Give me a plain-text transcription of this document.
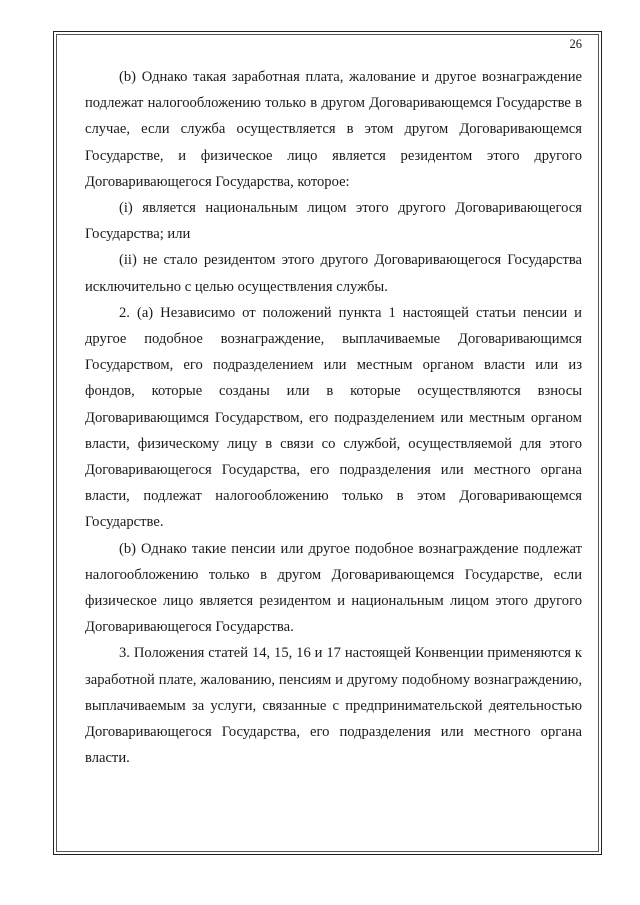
26

(b) Однако такая заработная плата, жалование и другое вознаграждение подлежат налогообложению только в другом Договаривающемся Государстве в случае, если служба осуществляется в этом другом Договаривающемся Государстве, и физическое лицо является резидентом этого другого Договаривающегося Государства, которое:

(i) является национальным лицом этого другого Договаривающегося Государства; или

(ii) не стало резидентом этого другого Договаривающегося Государства исключительно с целью осуществления службы.

2. (a) Независимо от положений пункта 1 настоящей статьи пенсии и другое подобное вознаграждение, выплачиваемые Договаривающимся Государством, его подразделением или местным органом власти или из фондов, которые созданы или в которые осуществляются взносы Договаривающимся Государством, его подразделением или местным органом власти, физическому лицу в связи со службой, осуществляемой для этого Договаривающегося Государства, его подразделения или местного органа власти, подлежат налогообложению только в этом Договаривающемся Государстве.

(b) Однако такие пенсии или другое подобное вознаграждение подлежат налогообложению только в другом Договаривающемся Государстве, если физическое лицо является резидентом и национальным лицом этого другого Договаривающегося Государства.

3. Положения статей 14, 15, 16 и 17 настоящей Конвенции применяются к заработной плате, жалованию, пенсиям и другому подобному вознаграждению, выплачиваемым за услуги, связанные с предпринимательской деятельностью Договаривающегося Государства, его подразделения или местного органа власти.
